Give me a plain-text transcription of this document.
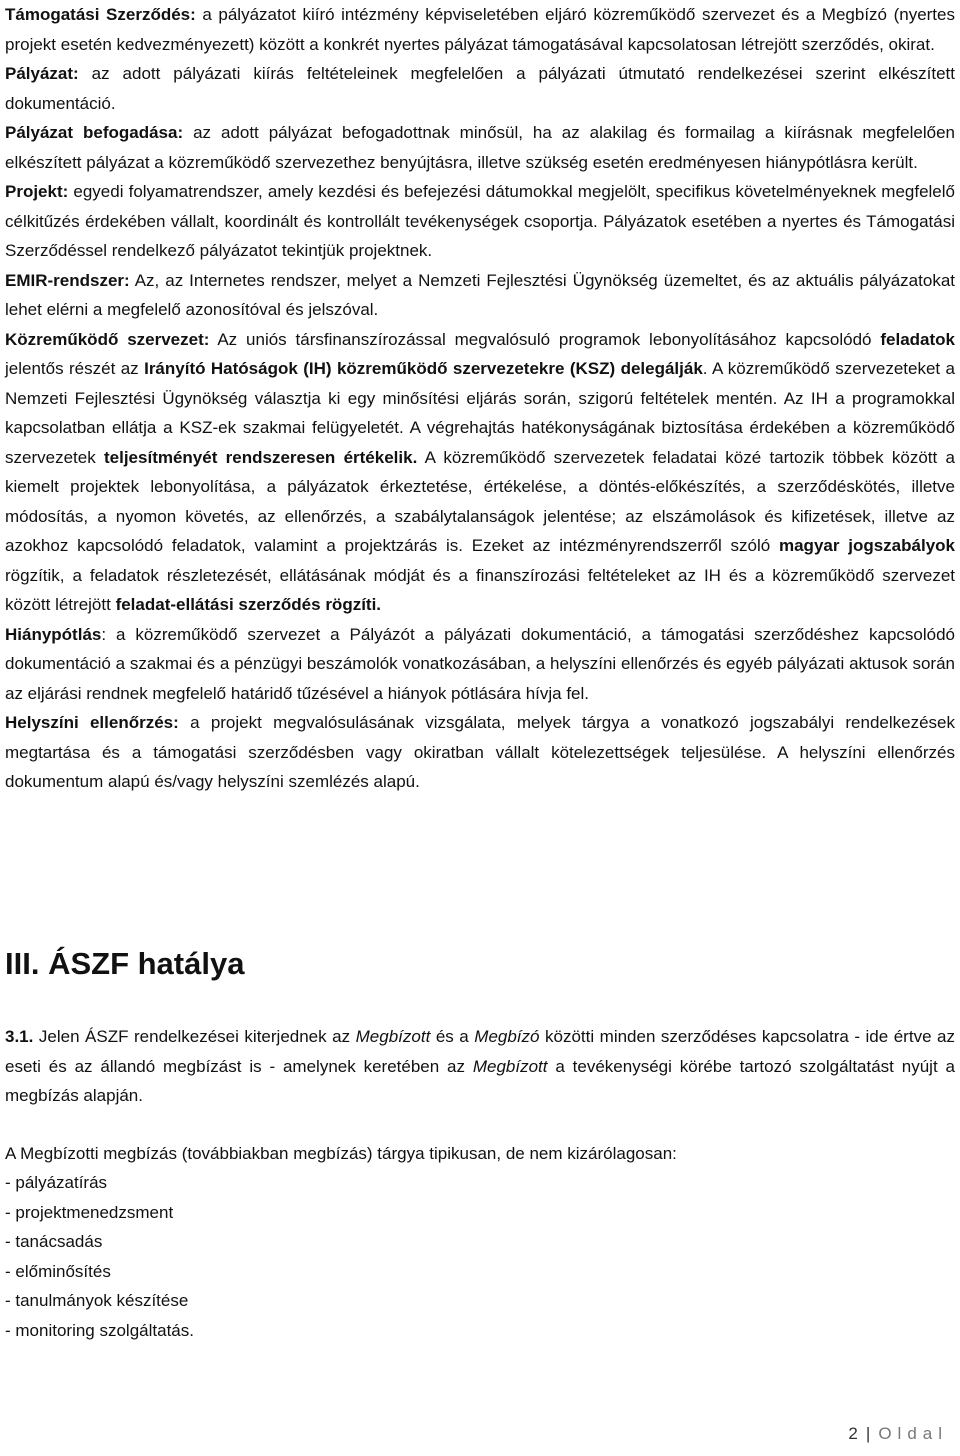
Támogatási Szerződés: a pályázatot kiíró intézmény képviseletében eljáró közreműködő szervezet és a Megbízó (nyertes projekt esetén kedvezményezett) között a konkrét nyertes pályázat támogatásával kapcsolatosan létrejött szerződés, okirat.

Pályázat: az adott pályázati kiírás feltételeinek megfelelően a pályázati útmutató rendelkezései szerint elkészített dokumentáció.

Pályázat befogadása: az adott pályázat befogadottnak minősül, ha az alakilag és formailag a kiírásnak megfelelően elkészített pályázat a közreműködő szervezethez benyújtásra, illetve szükség esetén eredményesen hiánypótlásra került.

Projekt: egyedi folyamatrendszer, amely kezdési és befejezési dátumokkal megjelölt, specifikus követelményeknek megfelelő célkitűzés érdekében vállalt, koordinált és kontrollált tevékenységek csoportja. Pályázatok esetében a nyertes és Támogatási Szerződéssel rendelkező pályázatot tekintjük projektnek.

EMIR-rendszer: Az, az Internetes rendszer, melyet a Nemzeti Fejlesztési Ügynökség üzemeltet, és az aktuális pályázatokat lehet elérni a megfelelő azonosítóval és jelszóval.

Közreműködő szervezet: Az uniós társfinanszírozással megvalósuló programok lebonyolításához kapcsolódó feladatok jelentős részét az Irányító Hatóságok (IH) közreműködő szervezetekre (KSZ) delegálják. A közreműködő szervezeteket a Nemzeti Fejlesztési Ügynökség választja ki egy minősítési eljárás során, szigorú feltételek mentén. Az IH a programokkal kapcsolatban ellátja a KSZ-ek szakmai felügyeletét. A végrehajtás hatékonyságának biztosítása érdekében a közreműködő szervezetek teljesítményét rendszeresen értékelik. A közreműködő szervezetek feladatai közé tartozik többek között a kiemelt projektek lebonyolítása, a pályázatok érkeztetése, értékelése, a döntés-előkészítés, a szerződéskötés, illetve módosítás, a nyomon követés, az ellenőrzés, a szabálytalanságok jelentése; az elszámolások és kifizetések, illetve az azokhoz kapcsolódó feladatok, valamint a projektzárás is. Ezeket az intézményrendszerről szóló magyar jogszabályok rögzítik, a feladatok részletezését, ellátásának módját és a finanszírozási feltételeket az IH és a közreműködő szervezet között létrejött feladat-ellátási szerződés rögzíti.

Hiánypótlás: a közreműködő szervezet a Pályázót a pályázati dokumentáció, a támogatási szerződéshez kapcsolódó dokumentáció a szakmai és a pénzügyi beszámolók vonatkozásában, a helyszíni ellenőrzés és egyéb pályázati aktusok során az eljárási rendnek megfelelő határidő tűzésével a hiányok pótlására hívja fel.

Helyszíni ellenőrzés: a projekt megvalósulásának vizsgálata, melyek tárgya a vonatkozó jogszabályi rendelkezések megtartása és a támogatási szerződésben vagy okiratban vállalt kötelezettségek teljesülése. A helyszíni ellenőrzés dokumentum alapú és/vagy helyszíni szemlézés alapú.

III. ÁSZF hatálya

3.1. Jelen ÁSZF rendelkezései kiterjednek az Megbízott és a Megbízó közötti minden szerződéses kapcsolatra - ide értve az eseti és az állandó megbízást is - amelynek keretében az Megbízott a tevékenységi körébe tartozó szolgáltatást nyújt a megbízás alapján.

A Megbízotti megbízás (továbbiakban megbízás) tárgya tipikusan, de nem kizárólagosan:
- pályázatírás
- projektmenedzsment
- tanácsadás
- előminősítés
- tanulmányok készítése
- monitoring szolgáltatás.
2 | Oldal
